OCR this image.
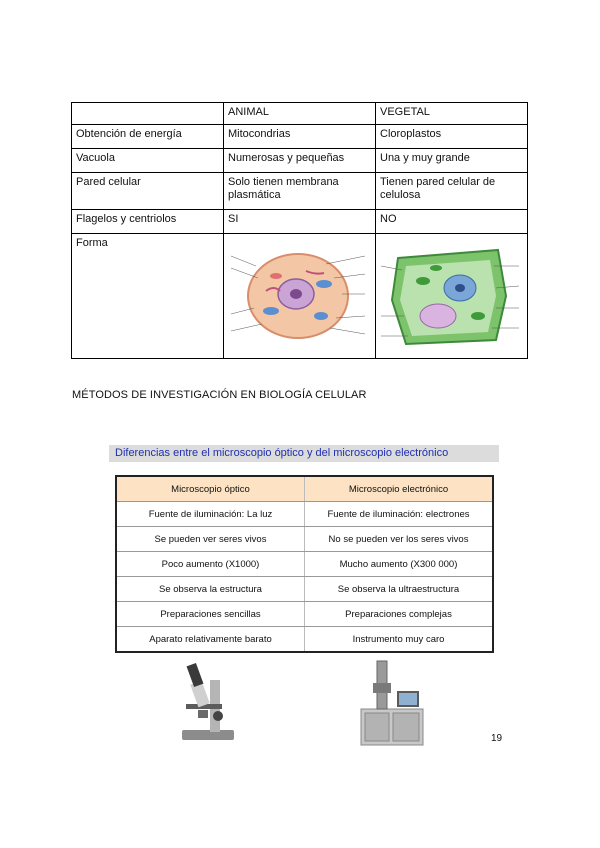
	ANIMAL	VEGETAL
Obtención de energía	Mitocondrias	Cloroplastos
Vacuola	Numerosas y pequeñas	Una y muy grande
Pared celular	Solo tienen membrana plasmática	Tienen pared celular de celulosa
Flagelos y centriolos	SI	NO
Forma		
MÉTODOS DE INVESTIGACIÓN EN BIOLOGÍA CELULAR
Diferencias entre el microscopio óptico y del microscopio electrónico
Microscopio óptico	Microscopio electrónico
Fuente de iluminación: La luz	Fuente de iluminación: electrones
Se pueden ver seres vivos	No se pueden ver los seres vivos
Poco aumento (X1000)	Mucho aumento (X300 000)
Se observa la estructura	Se observa la ultraestructura
Preparaciones sencillas	Preparaciones complejas
Aparato relativamente barato	Instrumento muy caro
19
